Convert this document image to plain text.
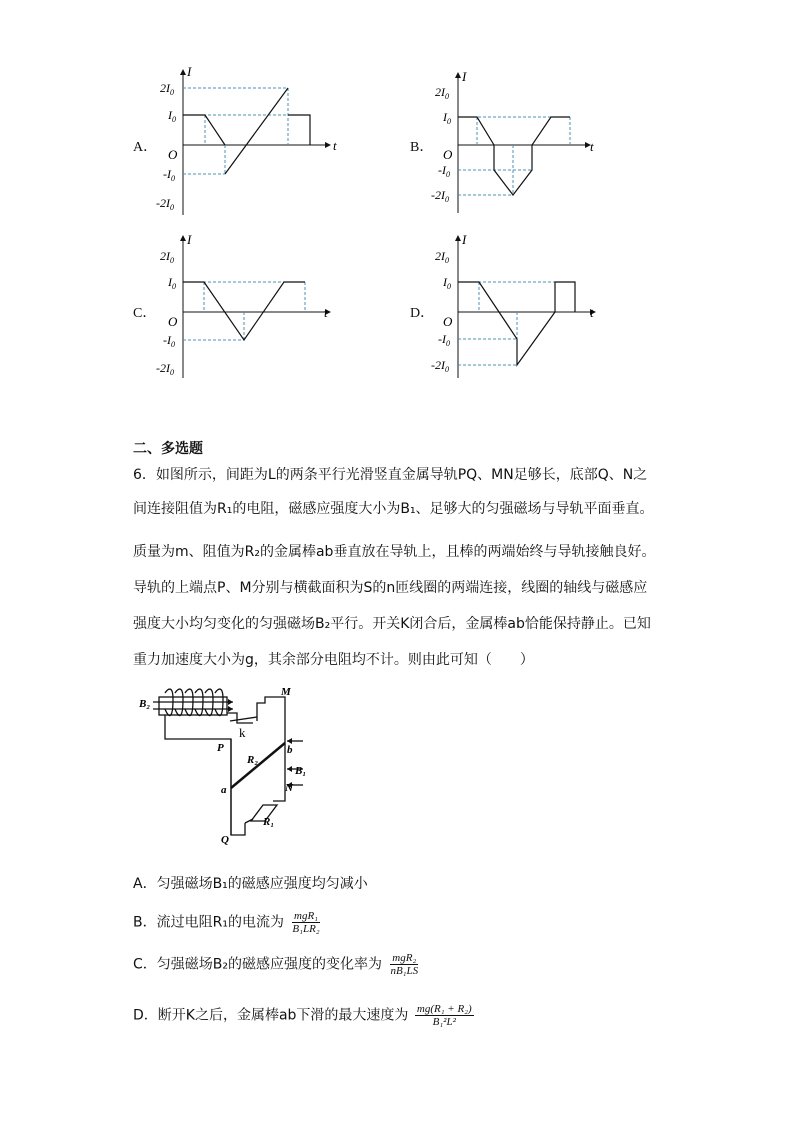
A．
I
t
O
$2I_0$
$I_0$
$-I_0$
$-2I_0$
B．
I
t
O
$2I_0$
$I_0$
$-I_0$
$-2I_0$
C．
I
t
O
$2I_0$
$I_0$
$-I_0$
$-2I_0$
D．
I
t
O
$2I_0$
$I_0$
$-I_0$
$-2I_0$
二、多选题
6．如图所示，间距为L的两条平行光滑竖直金属导轨PQ、MN足够长，底部Q、N之
间连接阻值为R₁的电阻，磁感应强度大小为B₁、足够大的匀强磁场与导轨平面垂直。
质量为m、阻值为R₂的金属棒ab垂直放在导轨上，且棒的两端始终与导轨接触良好。
导轨的上端点P、M分别与横截面积为S的n匝线圈的两端连接，线圈的轴线与磁感应
强度大小均匀变化的匀强磁场B₂平行。开关K闭合后，金属棒ab恰能保持静止。已知
重力加速度大小为g，其余部分电阻均不计。则由此可知（　　）
B₂
M
k
P	b
R₂
B₁
a	N
R₁
Q
A．匀强磁场B₁的磁感应强度均匀减小
B．流过电阻R₁的电流为 $\frac{\text{mgR₁}}{\text{B₁LR₂}}$
C．匀强磁场B₂的磁感应强度的变化率为 $\frac{\text{mgR₂}}{\text{nB₁LS}}$
D．断开K之后，金属棒ab下滑的最大速度为 $\frac{\text{mg(R₁ + R₂)}}{\text{B₁²L²}}$
